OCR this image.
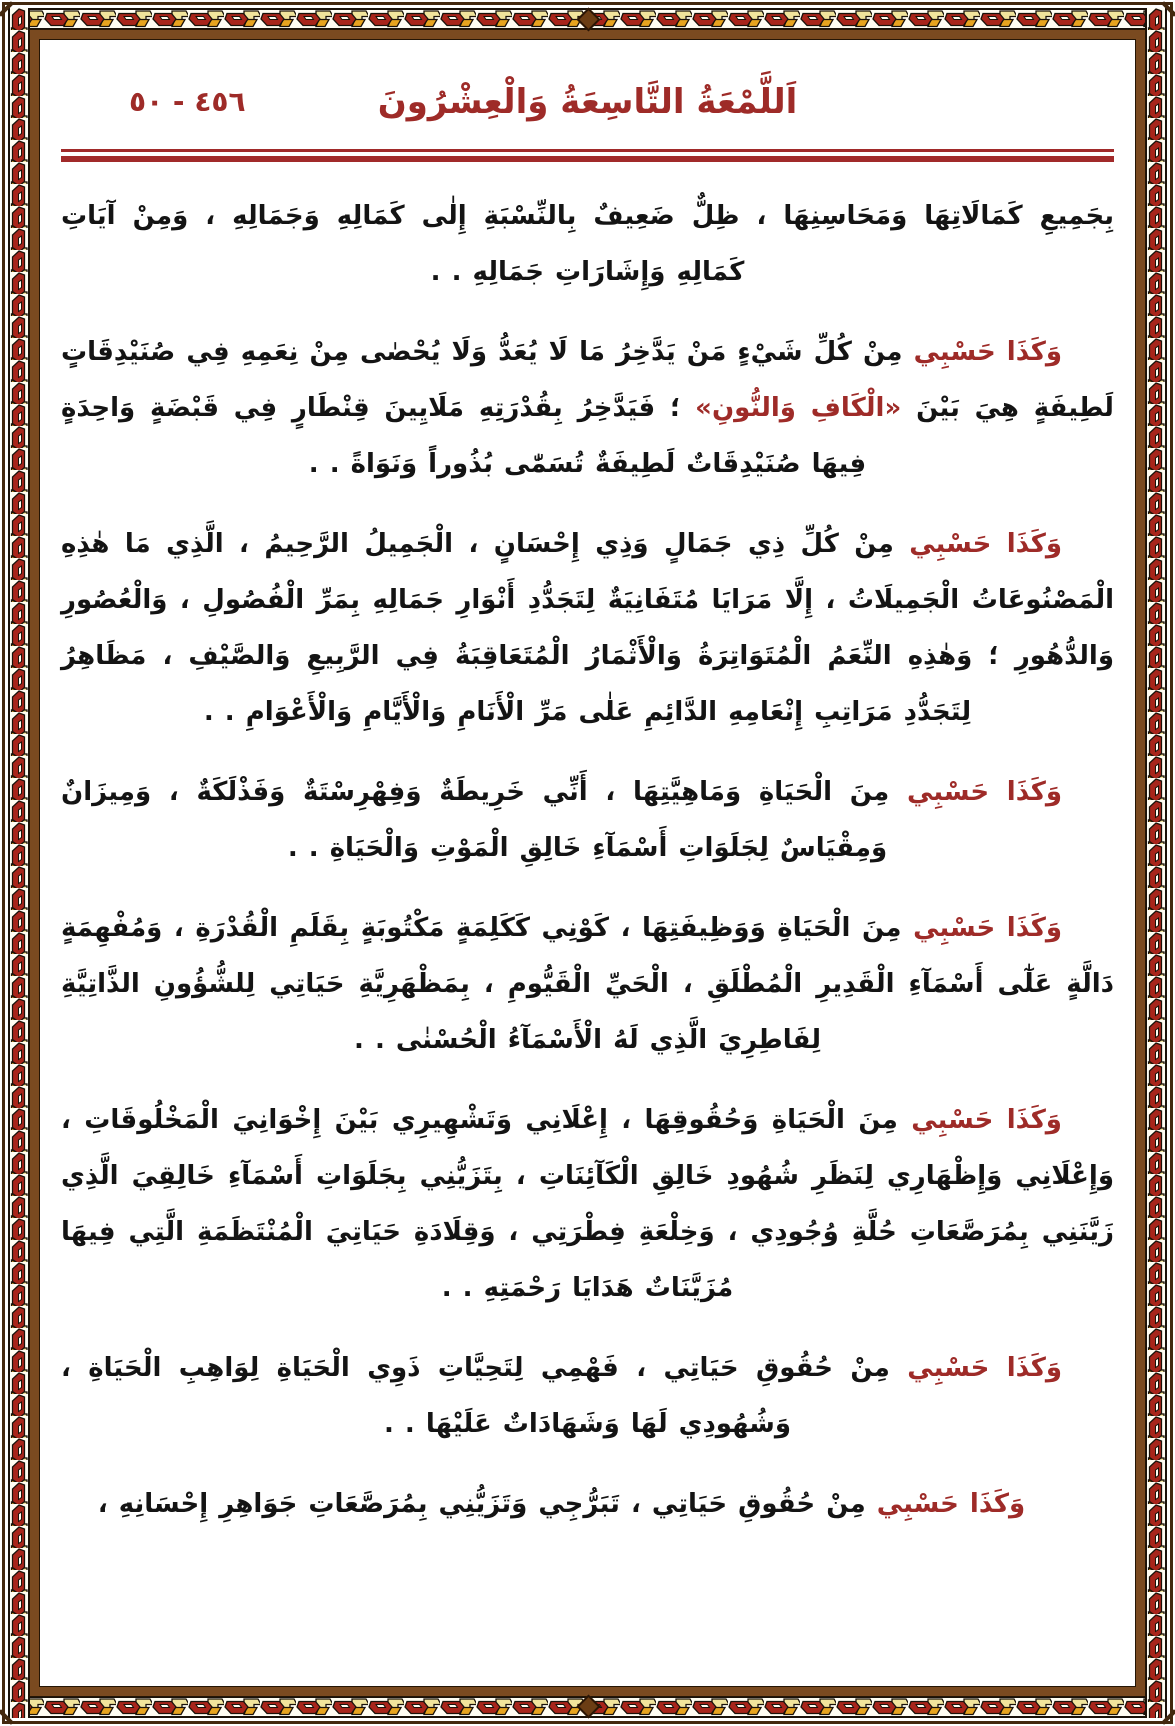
اَللَّمْعَةُ التَّاسِعَةُ وَالْعِشْرُونَ
٤٥٦ - ٥٠

بِجَمِيعِ كَمَالَاتِهَا وَمَحَاسِنِهَا ، ظِلٌّ ضَعِيفٌ بِالنِّسْبَةِ إِلٰى كَمَالِهِ وَجَمَالِهِ ، وَمِنْ آيَاتِ كَمَالِهِ وَإِشَارَاتِ جَمَالِهِ . .

وَكَذَا حَسْبِي مِنْ كُلِّ شَيْءٍ مَنْ يَدَّخِرُ مَا لَا يُعَدُّ وَلَا يُحْصٰى مِنْ نِعَمِهِ فِي صُنَيْدِقَاتٍ لَطِيفَةٍ هِيَ بَيْنَ «الْكَافِ وَالنُّونِ» ؛ فَيَدَّخِرُ بِقُدْرَتِهِ مَلَايِينَ قِنْطَارٍ فِي قَبْضَةٍ وَاحِدَةٍ فِيهَا صُنَيْدِقَاتٌ لَطِيفَةٌ تُسَمّٰى بُذُوراً وَنَوَاةً . .

وَكَذَا حَسْبِي مِنْ كُلِّ ذِي جَمَالٍ وَذِي إِحْسَانٍ ، الْجَمِيلُ الرَّحِيمُ ، الَّذِي مَا هٰذِهِ الْمَصْنُوعَاتُ الْجَمِيلَاتُ ، إِلَّا مَرَايَا مُتَفَانِيَةٌ لِتَجَدُّدِ أَنْوَارِ جَمَالِهِ بِمَرِّ الْفُصُولِ ، وَالْعُصُورِ وَالدُّهُورِ ؛ وَهٰذِهِ النِّعَمُ الْمُتَوَاتِرَةُ وَالْأَثْمَارُ الْمُتَعَاقِبَةُ فِي الرَّبِيعِ وَالصَّيْفِ ، مَظَاهِرُ لِتَجَدُّدِ مَرَاتِبِ إِنْعَامِهِ الدَّائِمِ عَلٰى مَرِّ الْأَنَامِ وَالْأَيَّامِ وَالْأَعْوَامِ . .

وَكَذَا حَسْبِي مِنَ الْحَيَاةِ وَمَاهِيَّتِهَا ، أَنِّي خَرِيطَةٌ وَفِهْرِسْتَةٌ وَفَذْلَكَةٌ ، وَمِيزَانٌ وَمِقْيَاسٌ لِجَلَوَاتِ أَسْمَآءِ خَالِقِ الْمَوْتِ وَالْحَيَاةِ . .

وَكَذَا حَسْبِي مِنَ الْحَيَاةِ وَوَظِيفَتِهَا ، كَوْنِي كَكَلِمَةٍ مَكْتُوبَةٍ بِقَلَمِ الْقُدْرَةِ ، وَمُفْهِمَةٍ دَالَّةٍ عَلٰٓى أَسْمَآءِ الْقَدِيرِ الْمُطْلَقِ ، الْحَيِّ الْقَيُّومِ ، بِمَظْهَرِيَّةِ حَيَاتِي لِلشُّؤُونِ الذَّاتِيَّةِ لِفَاطِرِيَ الَّذِي لَهُ الْأَسْمَآءُ الْحُسْنٰى . .

وَكَذَا حَسْبِي مِنَ الْحَيَاةِ وَحُقُوقِهَا ، إِعْلَانِي وَتَشْهِيرِي بَيْنَ إِخْوَانِيَ الْمَخْلُوقَاتِ ، وَإِعْلَانِي وَإِظْهَارِي لِنَظَرِ شُهُودِ خَالِقِ الْكَآئِنَاتِ ، بِتَزَيُّنِي بِجَلَوَاتِ أَسْمَآءِ خَالِقِيَ الَّذِي زَيَّنَنِي بِمُرَصَّعَاتِ حُلَّةِ وُجُودِي ، وَخِلْعَةِ فِطْرَتِي ، وَقِلَادَةِ حَيَاتِيَ الْمُنْتَظَمَةِ الَّتِي فِيهَا مُزَيَّنَاتٌ هَدَايَا رَحْمَتِهِ . .

وَكَذَا حَسْبِي مِنْ حُقُوقِ حَيَاتِي ، فَهْمِي لِتَحِيَّاتِ ذَوِي الْحَيَاةِ لِوَاهِبِ الْحَيَاةِ ، وَشُهُودِي لَهَا وَشَهَادَاتٌ عَلَيْهَا . .

وَكَذَا حَسْبِي مِنْ حُقُوقِ حَيَاتِي ، تَبَرُّجِي وَتَزَيُّنِي بِمُرَصَّعَاتِ جَوَاهِرِ إِحْسَانِهِ ،
